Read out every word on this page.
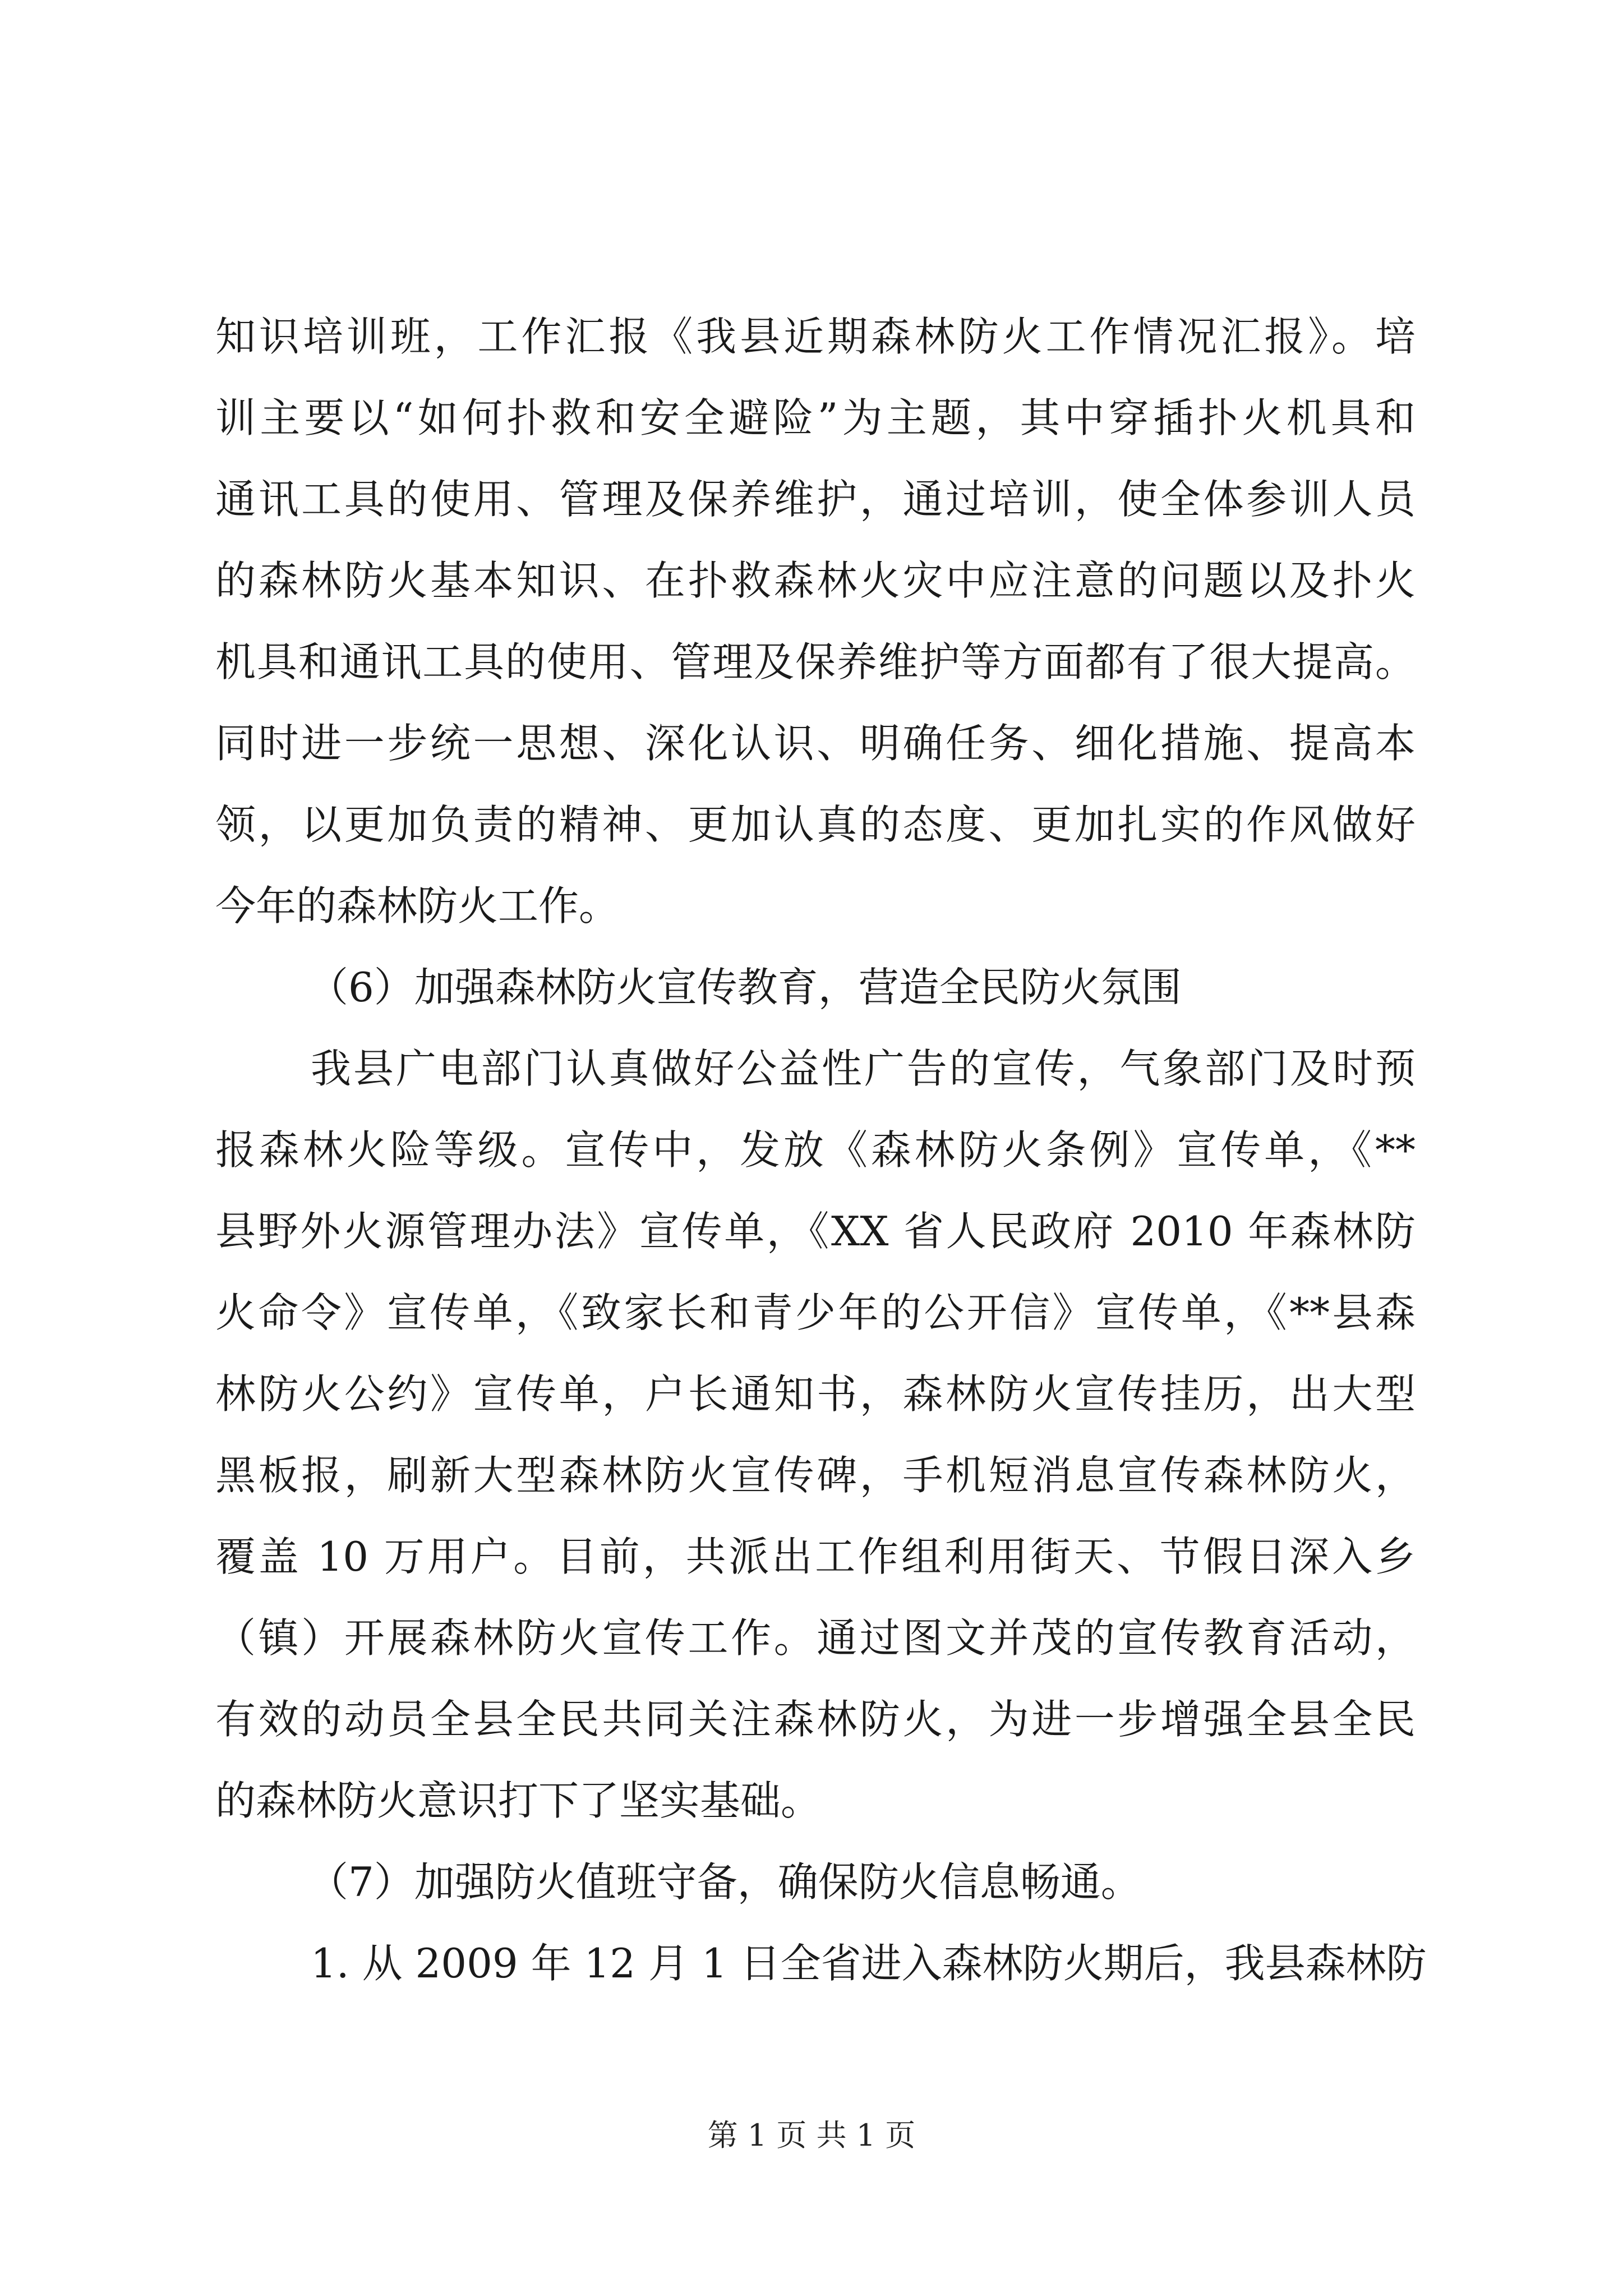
知识培训班，工作汇报《我县近期森林防火工作情况汇报》。培
训主要以“如何扑救和安全避险”为主题，其中穿插扑火机具和
通讯工具的使用、管理及保养维护，通过培训，使全体参训人员
的森林防火基本知识、在扑救森林火灾中应注意的问题以及扑火
机具和通讯工具的使用、管理及保养维护等方面都有了很大提高。
同时进一步统一思想、深化认识、明确任务、细化措施、提高本
领，以更加负责的精神、更加认真的态度、更加扎实的作风做好
今年的森林防火工作。
（6）加强森林防火宣传教育，营造全民防火氛围
我县广电部门认真做好公益性广告的宣传，气象部门及时预
报森林火险等级。宣传中，发放《森林防火条例》宣传单，《**
县野外火源管理办法》宣传单，《XX 省人民政府 2010 年森林防
火命令》宣传单，《致家长和青少年的公开信》宣传单，《**县森
林防火公约》宣传单，户长通知书，森林防火宣传挂历，出大型
黑板报，刷新大型森林防火宣传碑，手机短消息宣传森林防火，
覆盖 10 万用户。目前，共派出工作组利用街天、节假日深入乡
（镇）开展森林防火宣传工作。通过图文并茂的宣传教育活动，
有效的动员全县全民共同关注森林防火，为进一步增强全县全民
的森林防火意识打下了坚实基础。
（7）加强防火值班守备，确保防火信息畅通。
1. 从 2009 年 12 月 1 日全省进入森林防火期后，我县森林防
第 1 页 共 1 页
